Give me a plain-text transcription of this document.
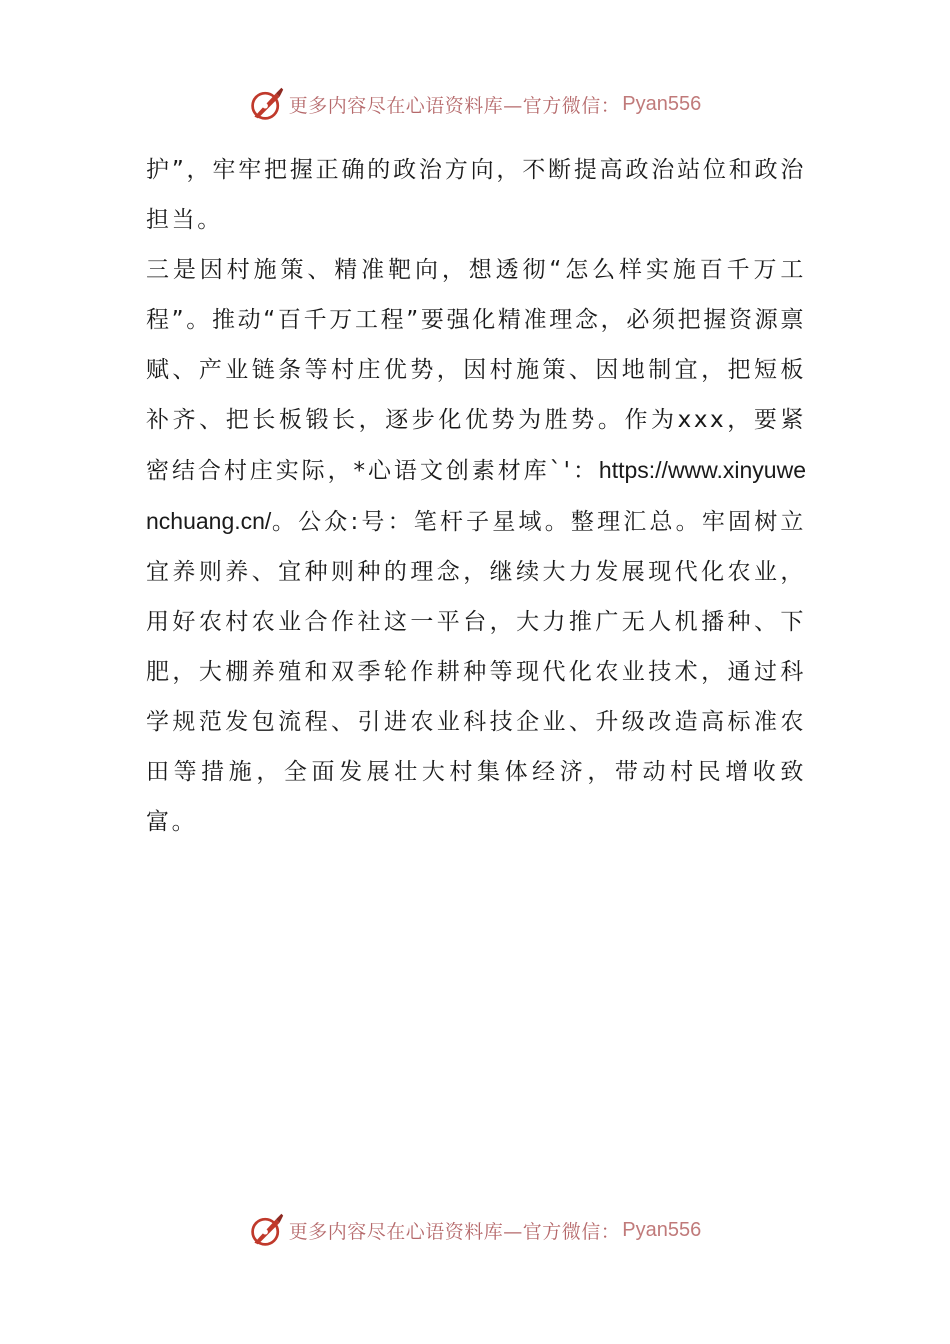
更多内容尽在心语资料库—官方微信： Pyan556

护”，牢牢把握正确的政治方向，不断提高政治站位和政治担当。

三是因村施策、精准靶向，想透彻“怎么样实施百千万工程”。推动“百千万工程”要强化精准理念，必须把握资源禀赋、产业链条等村庄优势，因村施策、因地制宜，把短板补齐、把长板锻长，逐步化优势为胜势。作为xxx，要紧密结合村庄实际，*心语文创素材库`'：https://www.xinyuwenchuang.cn/。公众:号：笔杆子星域。整理汇总。牢固树立宜养则养、宜种则种的理念，继续大力发展现代化农业，用好农村农业合作社这一平台，大力推广无人机播种、下肥，大棚养殖和双季轮作耕种等现代化农业技术，通过科学规范发包流程、引进农业科技企业、升级改造高标准农田等措施，全面发展壮大村集体经济，带动村民增收致富。

更多内容尽在心语资料库—官方微信： Pyan556
